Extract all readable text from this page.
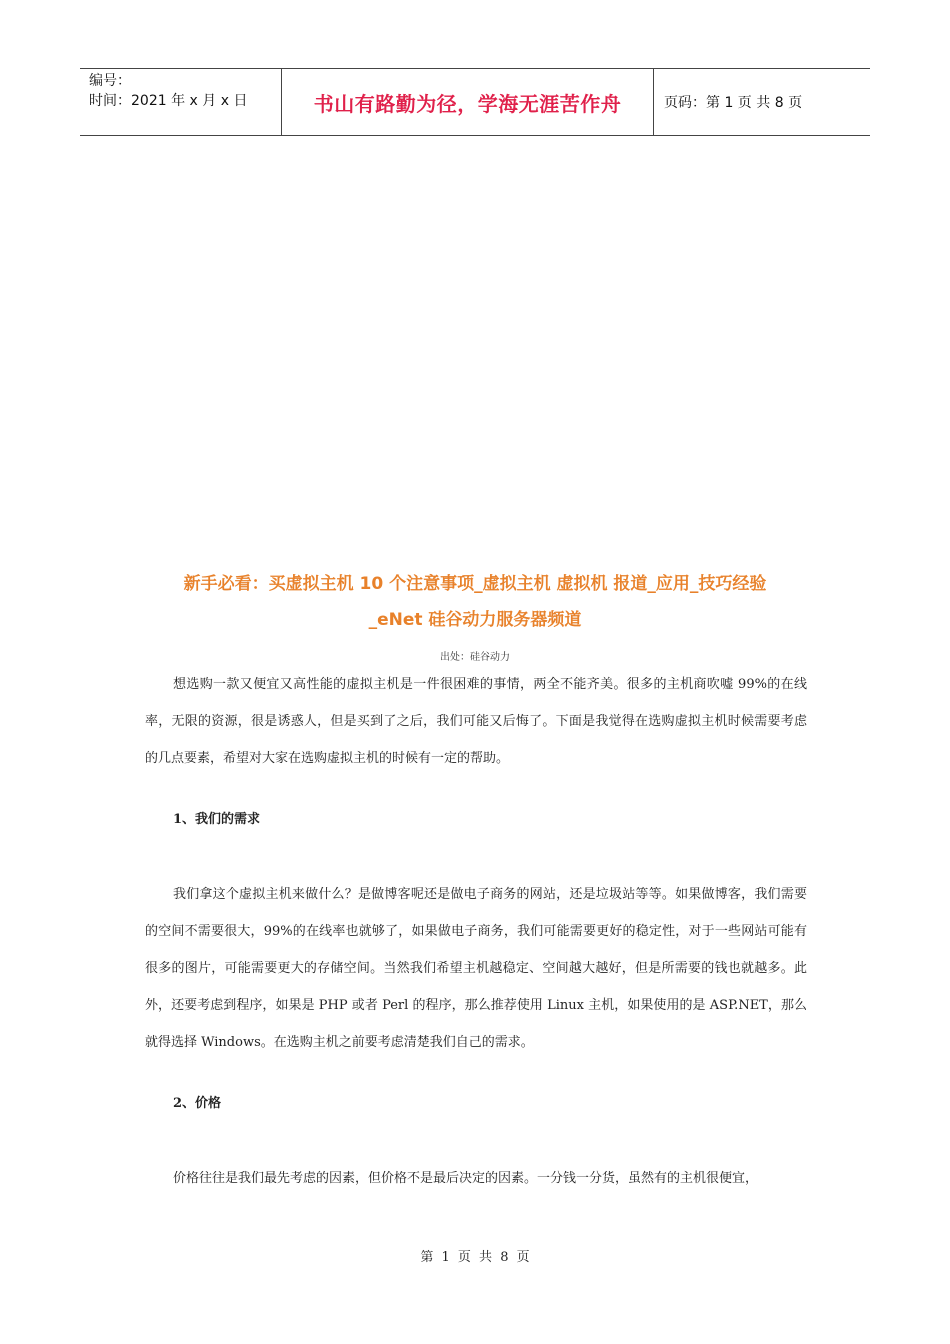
编号：
时间：2021 年 x 月 x 日	书山有路勤为径，学海无涯苦作舟	页码：第 1 页 共 8 页
新手必看：买虚拟主机 10 个注意事项_虚拟主机 虚拟机 报道_应用_技巧经验
_eNet 硅谷动力服务器频道
出处：硅谷动力

想选购一款又便宜又高性能的虚拟主机是一件很困难的事情，两全不能齐美。很多的主机商吹嘘 99%的在线率，无限的资源，很是诱惑人，但是买到了之后，我们可能又后悔了。下面是我觉得在选购虚拟主机时候需要考虑的几点要素，希望对大家在选购虚拟主机的时候有一定的帮助。

1、我们的需求

我们拿这个虚拟主机来做什么？是做博客呢还是做电子商务的网站，还是垃圾站等等。如果做博客，我们需要的空间不需要很大，99%的在线率也就够了，如果做电子商务，我们可能需要更好的稳定性，对于一些网站可能有很多的图片，可能需要更大的存储空间。当然我们希望主机越稳定、空间越大越好，但是所需要的钱也就越多。此外，还要考虑到程序，如果是 PHP 或者 Perl 的程序，那么推荐使用 Linux 主机，如果使用的是 ASP.NET，那么就得选择 Windows。在选购主机之前要考虑清楚我们自己的需求。

2、价格

价格往往是我们最先考虑的因素，但价格不是最后决定的因素。一分钱一分货，虽然有的主机很便宜，

第 1 页 共 8 页
